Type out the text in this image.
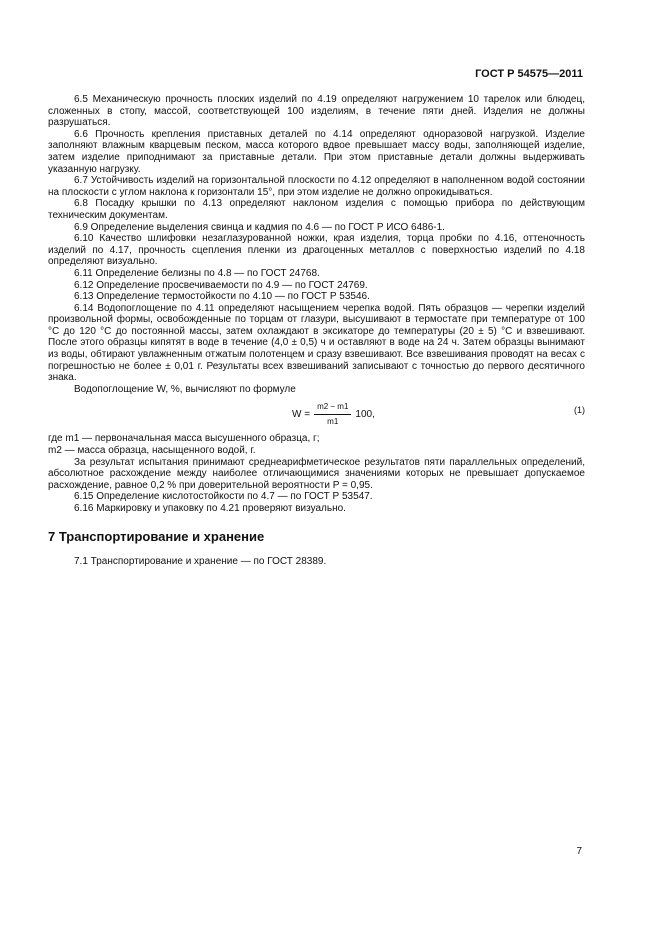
ГОСТ Р 54575—2011

6.5 Механическую прочность плоских изделий по 4.19 определяют нагружением 10 тарелок или блюдец, сложенных в стопу, массой, соответствующей 100 изделиям, в течение пяти дней. Изделия не должны разрушаться.

6.6 Прочность крепления приставных деталей по 4.14 определяют одноразовой нагрузкой. Изделие заполняют влажным кварцевым песком, масса которого вдвое превышает массу воды, заполняющей изделие, затем изделие приподнимают за приставные детали. При этом приставные детали должны выдерживать указанную нагрузку.

6.7 Устойчивость изделий на горизонтальной плоскости по 4.12 определяют в наполненном водой состоянии на плоскости с углом наклона к горизонтали 15°, при этом изделие не должно опрокидываться.

6.8 Посадку крышки по 4.13 определяют наклоном изделия с помощью прибора по действующим техническим документам.

6.9 Определение выделения свинца и кадмия по 4.6 — по ГОСТ Р ИСО 6486-1.

6.10 Качество шлифовки незаглазурованной ножки, края изделия, торца пробки по 4.16, оттеночность изделий по 4.17, прочность сцепления пленки из драгоценных металлов с поверхностью изделий по 4.18 определяют визуально.

6.11 Определение белизны по 4.8 — по ГОСТ 24768.

6.12 Определение просвечиваемости по 4.9 — по ГОСТ 24769.

6.13 Определение термостойкости по 4.10 — по ГОСТ Р 53546.

6.14 Водопоглощение по 4.11 определяют насыщением черепка водой. Пять образцов — черепки изделий произвольной формы, освобожденные по торцам от глазури, высушивают в термостате при температуре от 100 °С до 120 °С до постоянной массы, затем охлаждают в эксикаторе до температуры (20 ± 5) °С и взвешивают. После этого образцы кипятят в воде в течение (4,0 ± 0,5) ч и оставляют в воде на 24 ч. Затем образцы вынимают из воды, обтирают увлажненным отжатым полотенцем и сразу взвешивают. Все взвешивания проводят на весах с погрешностью не более ± 0,01 г. Результаты всех взвешиваний записывают с точностью до первого десятичного знака.

Водопоглощение W, %, вычисляют по формуле

$W = \frac{m2 - m1}{m1} 100$,	(1)

где m1 — первоначальная масса высушенного образца, г;

m2 — масса образца, насыщенного водой, г.

За результат испытания принимают среднеарифметическое результатов пяти параллельных определений, абсолютное расхождение между наиболее отличающимися значениями которых не превышает допускаемое расхождение, равное 0,2 % при доверительной вероятности P = 0,95.

6.15 Определение кислотостойкости по 4.7 — по ГОСТ Р 53547.

6.16 Маркировку и упаковку по 4.21 проверяют визуально.

7 Транспортирование и хранение

7.1 Транспортирование и хранение — по ГОСТ 28389.

7
